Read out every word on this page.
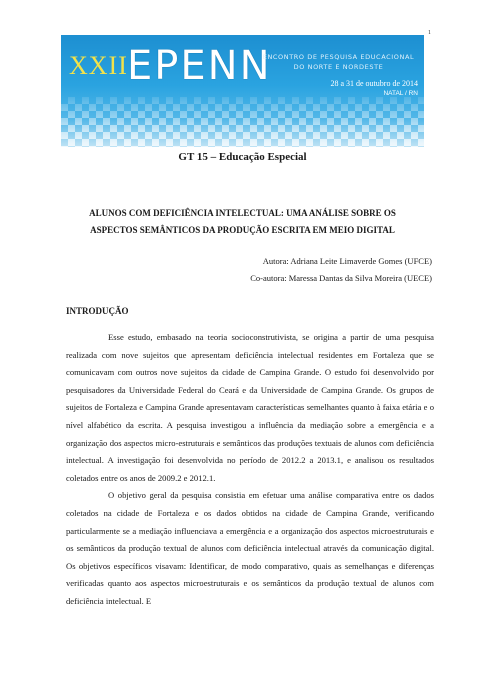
1
XXII EPENN
ENCONTRO DE PESQUISA EDUCACIONAL
DO NORTE E NORDESTE
28 a 31 de outubro de 2014
NATAL / RN
GT 15 – Educação Especial
ALUNOS COM DEFICIÊNCIA INTELECTUAL: UMA ANÁLISE SOBRE OS
ASPECTOS SEMÂNTICOS DA PRODUÇÃO ESCRITA EM MEIO DIGITAL
Autora: Adriana Leite Limaverde Gomes (UFCE)
Co-autora: Maressa Dantas da Silva Moreira (UECE)
INTRODUÇÃO

Esse estudo, embasado na teoria socioconstrutivista, se origina a partir de uma pesquisa realizada com nove sujeitos que apresentam deficiência intelectual residentes em Fortaleza que se comunicavam com outros nove sujeitos da cidade de Campina Grande. O estudo foi desenvolvido por pesquisadores da Universidade Federal do Ceará e da Universidade de Campina Grande. Os grupos de sujeitos de Fortaleza e Campina Grande apresentavam características semelhantes quanto à faixa etária e o nível alfabético da escrita. A pesquisa investigou a influência da mediação sobre a emergência e a organização dos aspectos micro-estruturais e semânticos das produções textuais de alunos com deficiência intelectual. A investigação foi desenvolvida no período de 2012.2 a 2013.1, e analisou os resultados coletados entre os anos de 2009.2 e 2012.1.

O objetivo geral da pesquisa consistia em efetuar uma análise comparativa entre os dados coletados na cidade de Fortaleza e os dados obtidos na cidade de Campina Grande, verificando particularmente se a mediação influenciava a emergência e a organização dos aspectos microestruturais e os semânticos da produção textual de alunos com deficiência intelectual através da comunicação digital. Os objetivos específicos visavam: Identificar, de modo comparativo, quais as semelhanças e diferenças verificadas quanto aos aspectos microestruturais e os semânticos da produção textual de alunos com deficiência intelectual. E
